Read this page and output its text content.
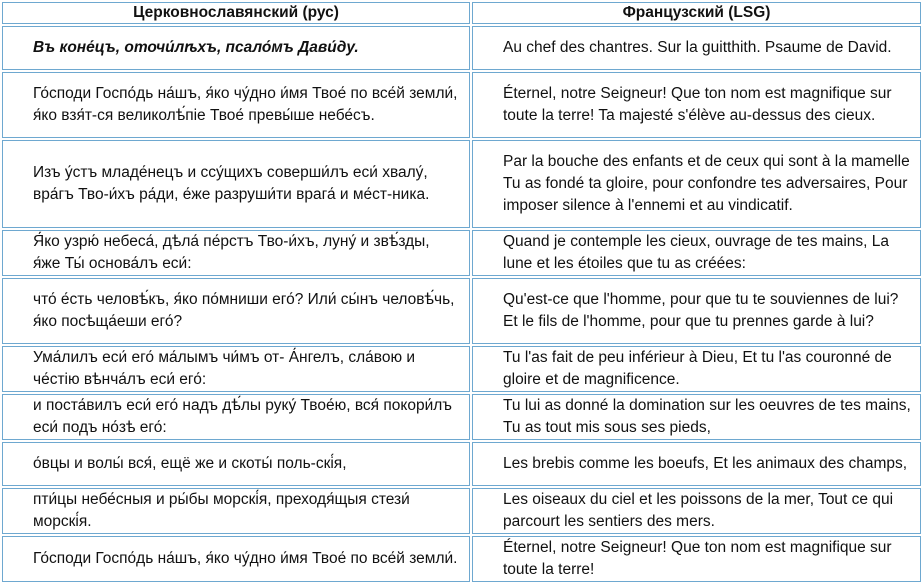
Церковнославянский (рус)	Французский (LSG)
Въ коне́цъ, оточи́лѣхъ, псало́мъ Дави́ду.	Au chef des chantres. Sur la guitthith. Psaume de David.
Го́споди Госпо́дь на́шъ, я́ко чу́дно и́мя Твое́ по все́й земли́, я́ко взя́т-ся великолѣ́піе Твое́ превы́ше небе́съ.	Éternel, notre Seigneur! Que ton nom est magnifique sur toute la terre! Ta majesté s'élève au-dessus des cieux.
Изъ у́стъ младе́нецъ и ссу́щихъ соверши́лъ еси́ хвалу́, вра́гъ Тво-и́хъ ра́ди, е́же разруши́ти врага́ и ме́ст-ника.	Par la bouche des enfants et de ceux qui sont à la mamelle Tu as fondé ta gloire, pour confondre tes adversaires, Pour imposer silence à l'ennemi et au vindicatif.
Я́ко узрю́ небеса́, дѣла́ пе́рстъ Тво-и́хъ, луну́ и звѣ́зды, я́же Ты́ основа́лъ еси́:	Quand je contemple les cieux, ouvrage de tes mains, La lune et les étoiles que tu as créées:
что́ е́сть человѣ́къ, я́ко по́мниши его́? Или́ сы́нъ человѣ́чь, я́ко посѣща́еши его́?	Qu'est-ce que l'homme, pour que tu te souviennes de lui? Et le fils de l'homme, pour que tu prennes garde à lui?
Ума́лилъ еси́ его́ ма́лымъ чи́мъ от- А́нгелъ, сла́вою и че́стію вѣнча́лъ еси́ его́:	Tu l'as fait de peu inférieur à Dieu, Et tu l'as couronné de gloire et de magnificence.
и поста́вилъ еси́ его́ надъ дѣ́лы руку́ Твое́ю, вся́ покори́лъ еси́ подъ но́зѣ его́:	Tu lui as donné la domination sur les oeuvres de tes mains, Tu as tout mis sous ses pieds,
о́вцы и волы́ вся́, ещё же и скоты́ поль-скі́я,	Les brebis comme les boeufs, Et les animaux des champs,
пти́цы небе́сныя и ры́бы морскі́я, преходя́щыя стези́ морскі́я.	Les oiseaux du ciel et les poissons de la mer, Tout ce qui parcourt les sentiers des mers.
Го́споди Госпо́дь на́шъ, я́ко чу́дно и́мя Твое́ по все́й земли́.	Éternel, notre Seigneur! Que ton nom est magnifique sur toute la terre!
